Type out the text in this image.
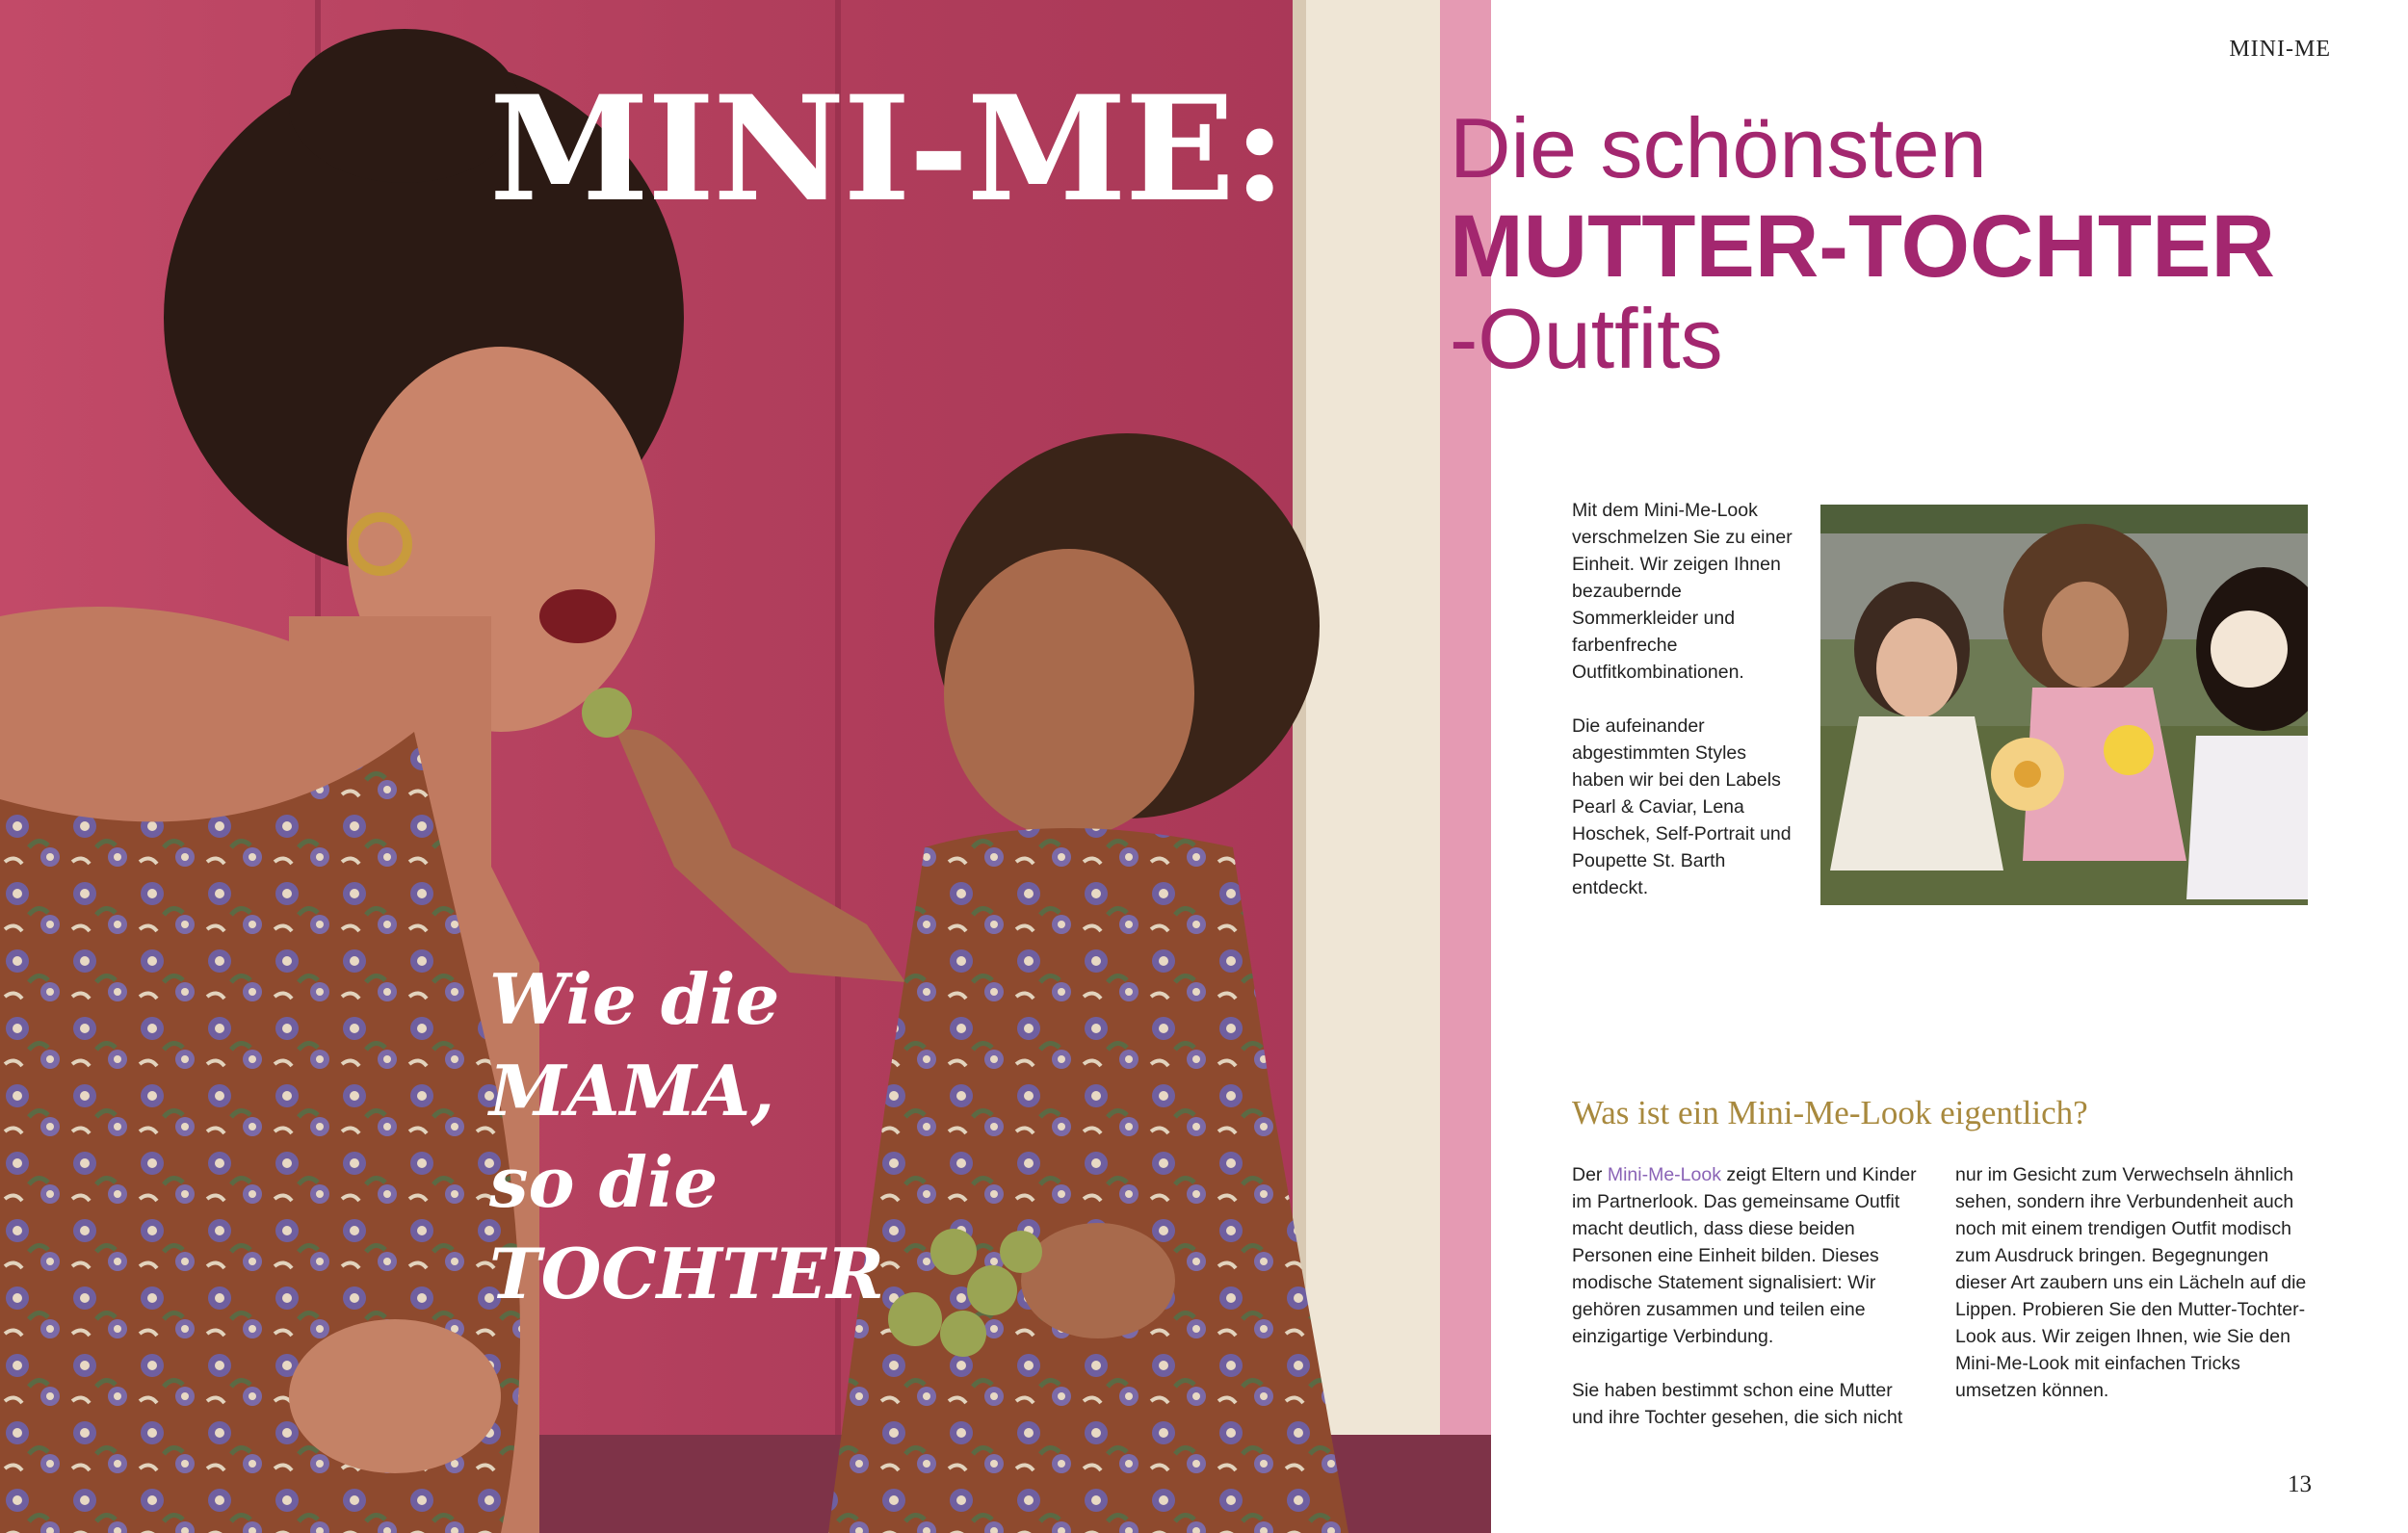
MINI-ME:
Wie die
MAMA,
so die
TOCHTER
MINI-ME
Die schönsten
MUTTER-TOCHTER
-Outfits

Mit dem Mini-Me-Look verschmelzen Sie zu einer Einheit. Wir zeigen Ihnen bezaubernde Sommerkleider und farbenfreche Outfitkombinationen.

Die aufeinander abgestimmten Styles haben wir bei den Labels Pearl & Caviar, Lena Hoschek, Self-Portrait und Poupette St. Barth entdeckt.

Was ist ein Mini-Me-Look eigentlich?

Der Mini-Me-Look zeigt Eltern und Kinder im Partnerlook. Das gemeinsame Outfit macht deutlich, dass diese beiden Personen eine Einheit bilden. Dieses modische Statement signalisiert: Wir gehören zusammen und teilen eine einzigartige Verbindung.

Sie haben bestimmt schon eine Mutter und ihre Tochter gesehen, die sich nicht

nur im Gesicht zum Verwechseln ähnlich sehen, sondern ihre Verbundenheit auch noch mit einem trendigen Outfit modisch zum Ausdruck bringen. Begegnungen dieser Art zaubern uns ein Lächeln auf die Lippen. Probieren Sie den Mutter-Tochter-Look aus. Wir zeigen Ihnen, wie Sie den Mini-Me-Look mit einfachen Tricks umsetzen können.

13
